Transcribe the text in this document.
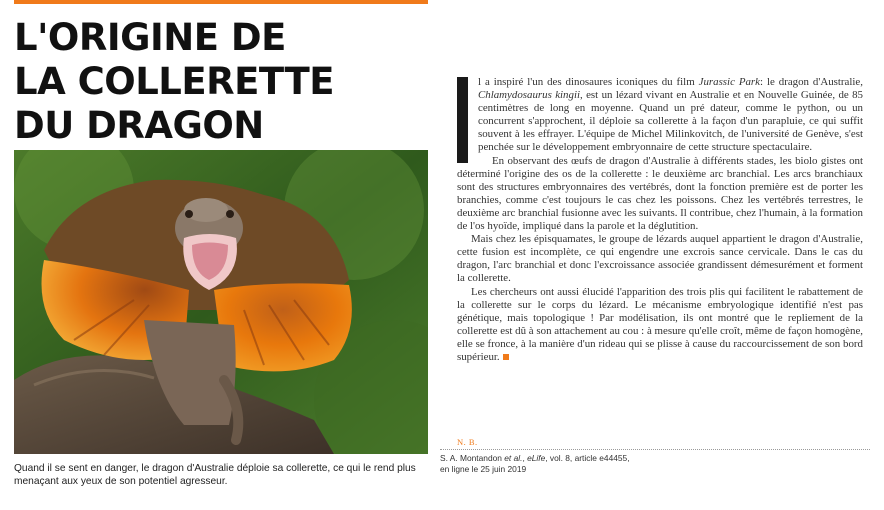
L'ORIGINE DE
LA COLLERETTE
DU DRAGON
Quand il se sent en danger, le dragon d'Australie déploie sa collerette, ce qui le rend plus menaçant aux yeux de son potentiel agresseur.

l a inspiré l'un des dinosaures iconiques du film Jurassic Park: le dragon d'Australie, Chlamydosaurus kingii, est un lézard vivant en Australie et en Nouvelle Guinée, de 85 centimètres de long en moyenne. Quand un pré dateur, comme le python, ou un concurrent s'approchent, il déploie sa collerette à la façon d'un parapluie, ce qui suffit souvent à les effrayer. L'équipe de Michel Milinkovitch, de l'université de Genève, s'est penchée sur le développement embryonnaire de cette structure spectaculaire.

En observant des œufs de dragon d'Australie à différents stades, les biolo gistes ont déterminé l'origine des os de la collerette : le deuxième arc branchial. Les arcs branchiaux sont des structures embryonnaires des vertébrés, dont la fonction première est de porter les branchies, comme c'est toujours le cas chez les poissons. Chez les vertébrés terrestres, le deuxième arc branchial fusionne avec les suivants. Il contribue, chez l'humain, à la formation de l'os hyoïde, impliqué dans la parole et la déglutition.

Mais chez les épisquamates, le groupe de lézards auquel appartient le dragon d'Australie, cette fusion est incomplète, ce qui engendre une excrois sance cervicale. Dans le cas du dragon, l'arc branchial et donc l'excroissance associée grandissent démesurément et forment la collerette.

Les chercheurs ont aussi élucidé l'apparition des trois plis qui facilitent le rabattement de la collerette sur le corps du lézard. Le mécanisme embryologique identifié n'est pas génétique, mais topologique ! Par modélisation, ils ont montré que le repliement de la collerette est dû à son attachement au cou : à mesure qu'elle croît, même de façon homogène, elle se fronce, à la manière d'un rideau qui se plisse à cause du raccourcissement de son bord supérieur.

N. B.
S. A. Montandon et al., eLife, vol. 8, article e44455,
en ligne le 25 juin 2019
